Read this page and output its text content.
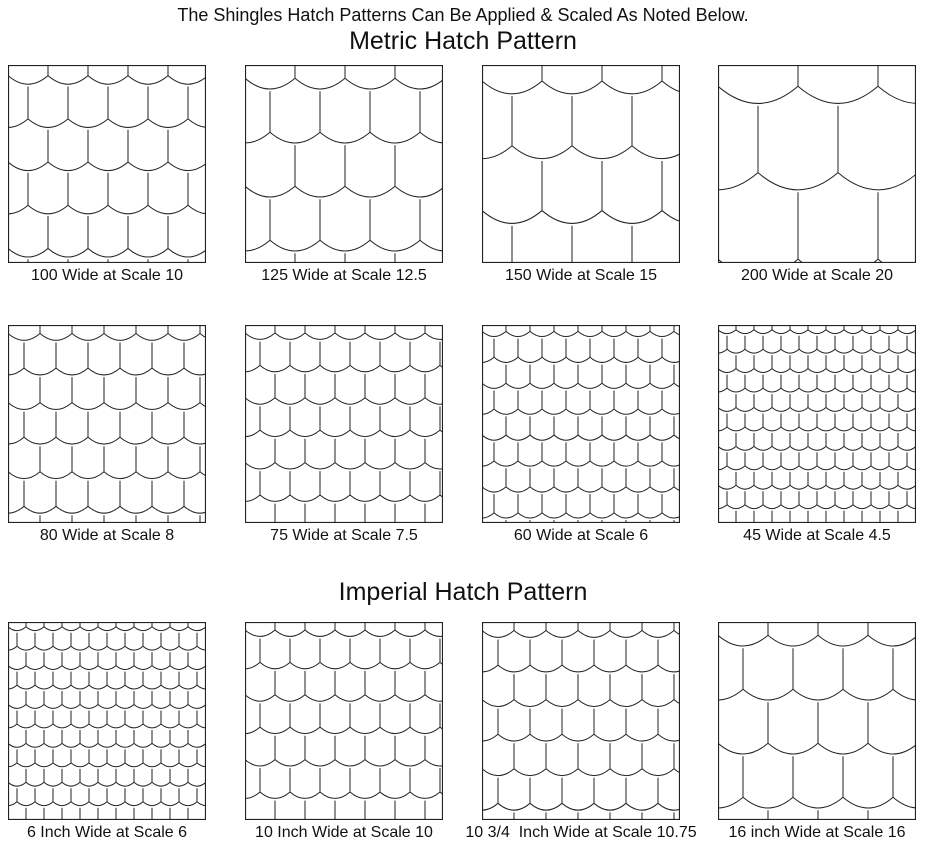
The Shingles Hatch Patterns Can Be Applied & Scaled As Noted Below.
Metric Hatch Pattern
Imperial Hatch Pattern
100 Wide at Scale 10	125 Wide at Scale 12.5	150 Wide at Scale 15	200 Wide at Scale 20
80 Wide at Scale 8	75 Wide at Scale 7.5	60 Wide at Scale 6	45 Wide at Scale 4.5
6 Inch Wide at Scale 6	10 Inch Wide at Scale 10	10 3/4  Inch Wide at Scale 10.75	16 inch Wide at Scale 16
